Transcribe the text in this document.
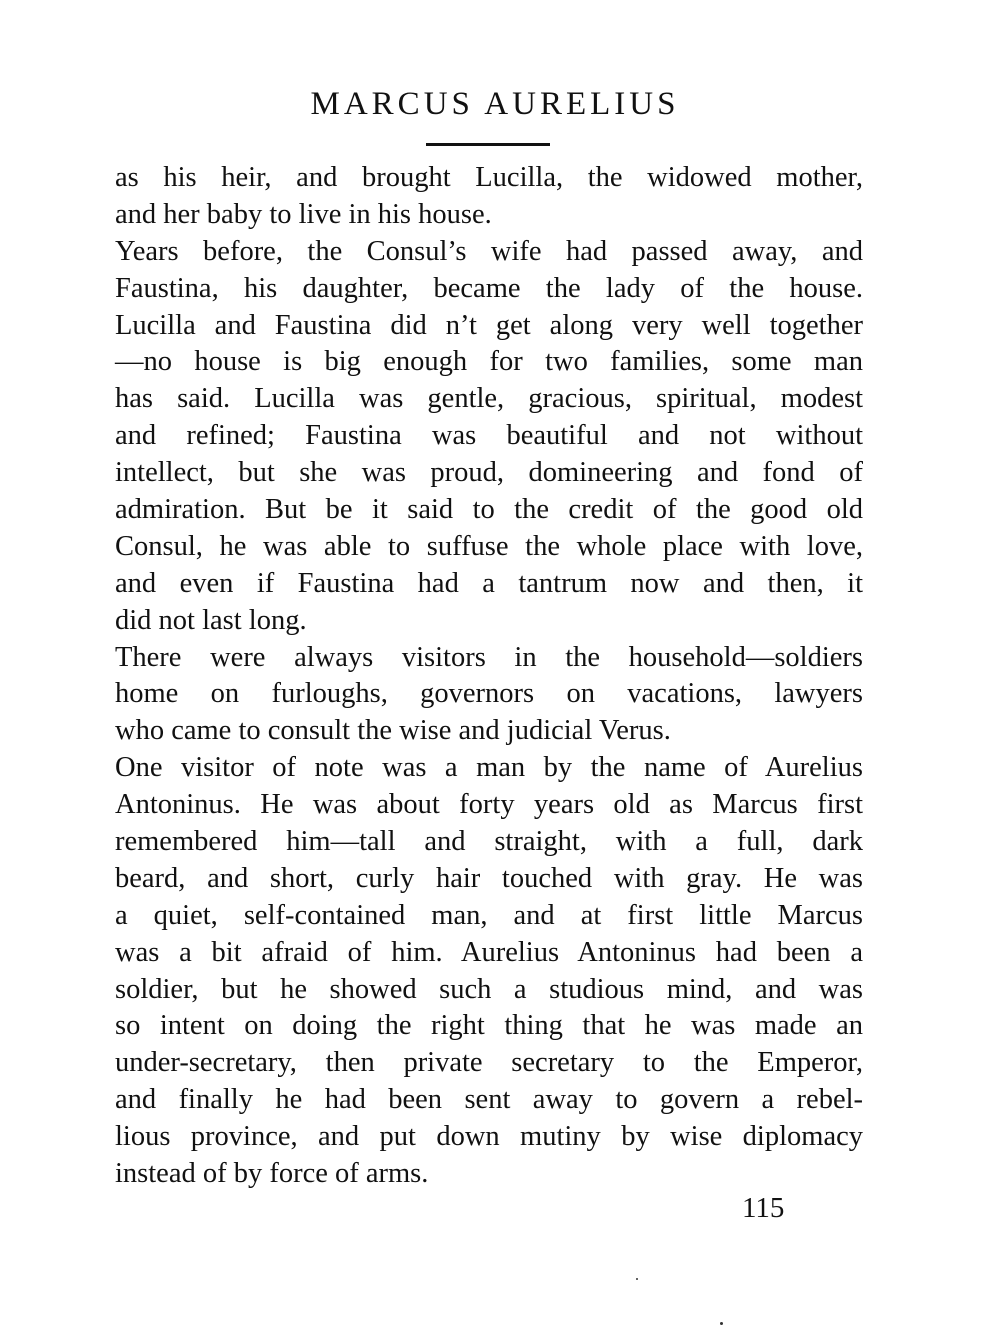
MARCUS AURELIUS
as his heir, and brought Lucilla, the widowed mother,
and her baby to live in his house.
Years before, the Consul’s wife had passed away, and
Faustina, his daughter, became the lady of the house.
Lucilla and Faustina did n’t get along very well together
—no house is big enough for two families, some man
has said. Lucilla was gentle, gracious, spiritual, modest
and refined; Faustina was beautiful and not without
intellect, but she was proud, domineering and fond of
admiration. But be it said to the credit of the good old
Consul, he was able to suffuse the whole place with love,
and even if Faustina had a tantrum now and then, it
did not last long.
There were always visitors in the household—soldiers
home on furloughs, governors on vacations, lawyers
who came to consult the wise and judicial Verus.
One visitor of note was a man by the name of Aurelius
Antoninus. He was about forty years old as Marcus first
remembered him—tall and straight, with a full, dark
beard, and short, curly hair touched with gray. He was
a quiet, self-contained man, and at first little Marcus
was a bit afraid of him. Aurelius Antoninus had been a
soldier, but he showed such a studious mind, and was
so intent on doing the right thing that he was made an
under-secretary, then private secretary to the Emperor,
and finally he had been sent away to govern a rebel-
lious province, and put down mutiny by wise diplomacy
instead of by force of arms.
115
